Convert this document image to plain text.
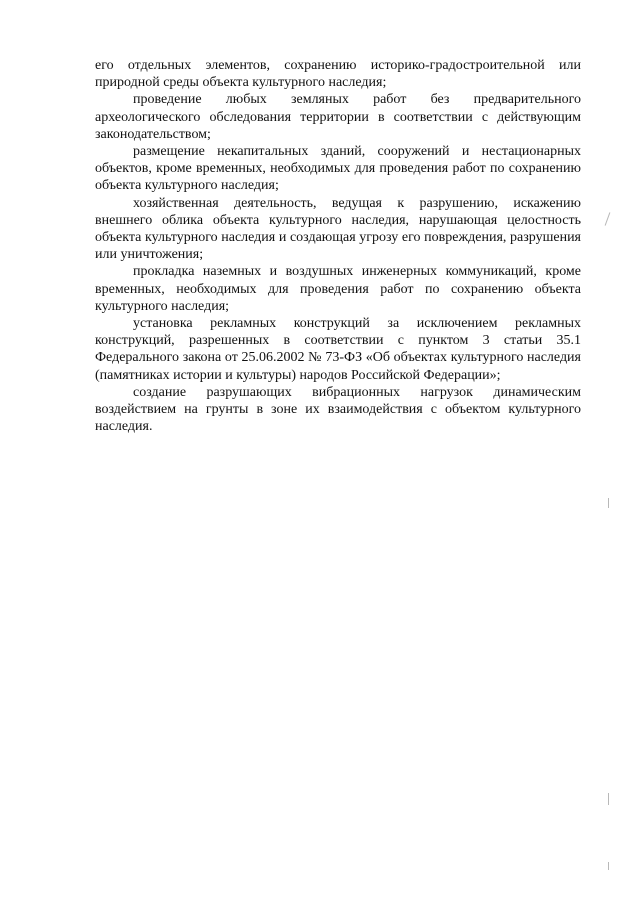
его отдельных элементов, сохранению историко-градостроительной или природной среды объекта культурного наследия;

проведение любых земляных работ без предварительного археологического обследования территории в соответствии с действующим законодательством;

размещение некапитальных зданий, сооружений и нестационарных объектов, кроме временных, необходимых для проведения работ по сохранению объекта культурного наследия;

хозяйственная деятельность, ведущая к разрушению, искажению внешнего облика объекта культурного наследия, нарушающая целостность объекта культурного наследия и создающая угрозу его повреждения, разрушения или уничтожения;

прокладка наземных и воздушных инженерных коммуникаций, кроме временных, необходимых для проведения работ по сохранению объекта культурного наследия;

установка рекламных конструкций за исключением рекламных конструкций, разрешенных в соответствии с пунктом 3 статьи 35.1 Федерального закона от 25.06.2002 № 73-ФЗ «Об объектах культурного наследия (памятниках истории и культуры) народов Российской Федерации»;

создание разрушающих вибрационных нагрузок динамическим воздействием на грунты в зоне их взаимодействия с объектом культурного наследия.
